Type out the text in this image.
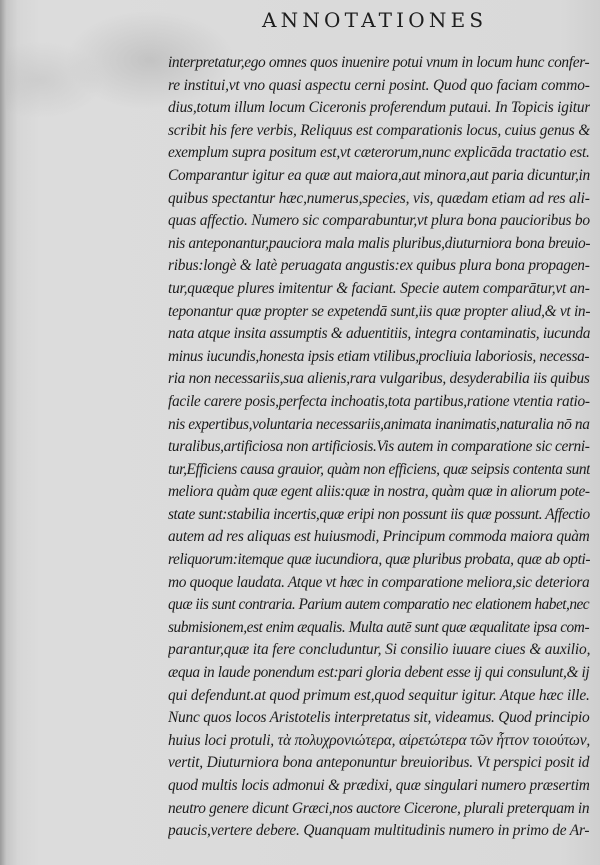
ANNOTATIONES
interpretatur,ego omnes quos inuenire potui vnum in locum hunc confer-
re institui,vt vno quasi aspectu cerni posint. Quod quo faciam commo-
dius,totum illum locum Ciceronis proferendum putaui. In Topicis igitur
scribit his fere verbis, Reliquus est comparationis locus, cuius genus &
exemplum supra positum est,vt cæterorum,nunc explicāda tractatio est.
Comparantur igitur ea quæ aut maiora,aut minora,aut paria dicuntur,in
quibus spectantur hæc,numerus,species, vis, quædam etiam ad res ali-
quas affectio. Numero sic comparabuntur,vt plura bona paucioribus bo
nis anteponantur,pauciora mala malis pluribus,diuturniora bona breuio-
ribus:longè & latè peruagata angustis:ex quibus plura bona propagen-
tur,quæque plures imitentur & faciant. Specie autem comparātur,vt an-
teponantur quæ propter se expetendā sunt,iis quæ propter aliud,& vt in-
nata atque insita assumptis & aduentitiis, integra contaminatis, iucunda
minus iucundis,honesta ipsis etiam vtilibus,procliuia laboriosis, necessa-
ria non necessariis,sua alienis,rara vulgaribus, desyderabilia iis quibus
facile carere posis,perfecta inchoatis,tota partibus,ratione vtentia ratio-
nis expertibus,voluntaria necessariis,animata inanimatis,naturalia nō na
turalibus,artificiosa non artificiosis.Vis autem in comparatione sic cerni-
tur,Efficiens causa grauior, quàm non efficiens, quæ seipsis contenta sunt
meliora quàm quæ egent aliis:quæ in nostra, quàm quæ in aliorum pote-
state sunt:stabilia incertis,quæ eripi non possunt iis quæ possunt. Affectio
autem ad res aliquas est huiusmodi, Principum commoda maiora quàm
reliquorum:itemque quæ iucundiora, quæ pluribus probata, quæ ab opti-
mo quoque laudata. Atque vt hæc in comparatione meliora,sic deteriora
quæ iis sunt contraria. Parium autem comparatio nec elationem habet,nec
submisionem,est enim æqualis. Multa autē sunt quæ æqualitate ipsa com-
parantur,quæ ita fere concluduntur, Si consilio iuuare ciues & auxilio,
æqua in laude ponendum est:pari gloria debent esse ij qui consulunt,& ij
qui defendunt.at quod primum est,quod sequitur igitur. Atque hæc ille.
Nunc quos locos Aristotelis interpretatus sit, videamus. Quod principio
huius loci protuli, τὰ πολυχρονιώτερα, αἱρετώτερα τῶν ἧττον τοιούτων,
vertit, Diuturniora bona anteponuntur breuioribus. Vt perspici posit id
quod multis locis admonui & prædixi, quæ singulari numero præsertim
neutro genere dicunt Græci,nos auctore Cicerone, plurali preterquam in
paucis,vertere debere. Quanquam multitudinis numero in primo de Ar-
